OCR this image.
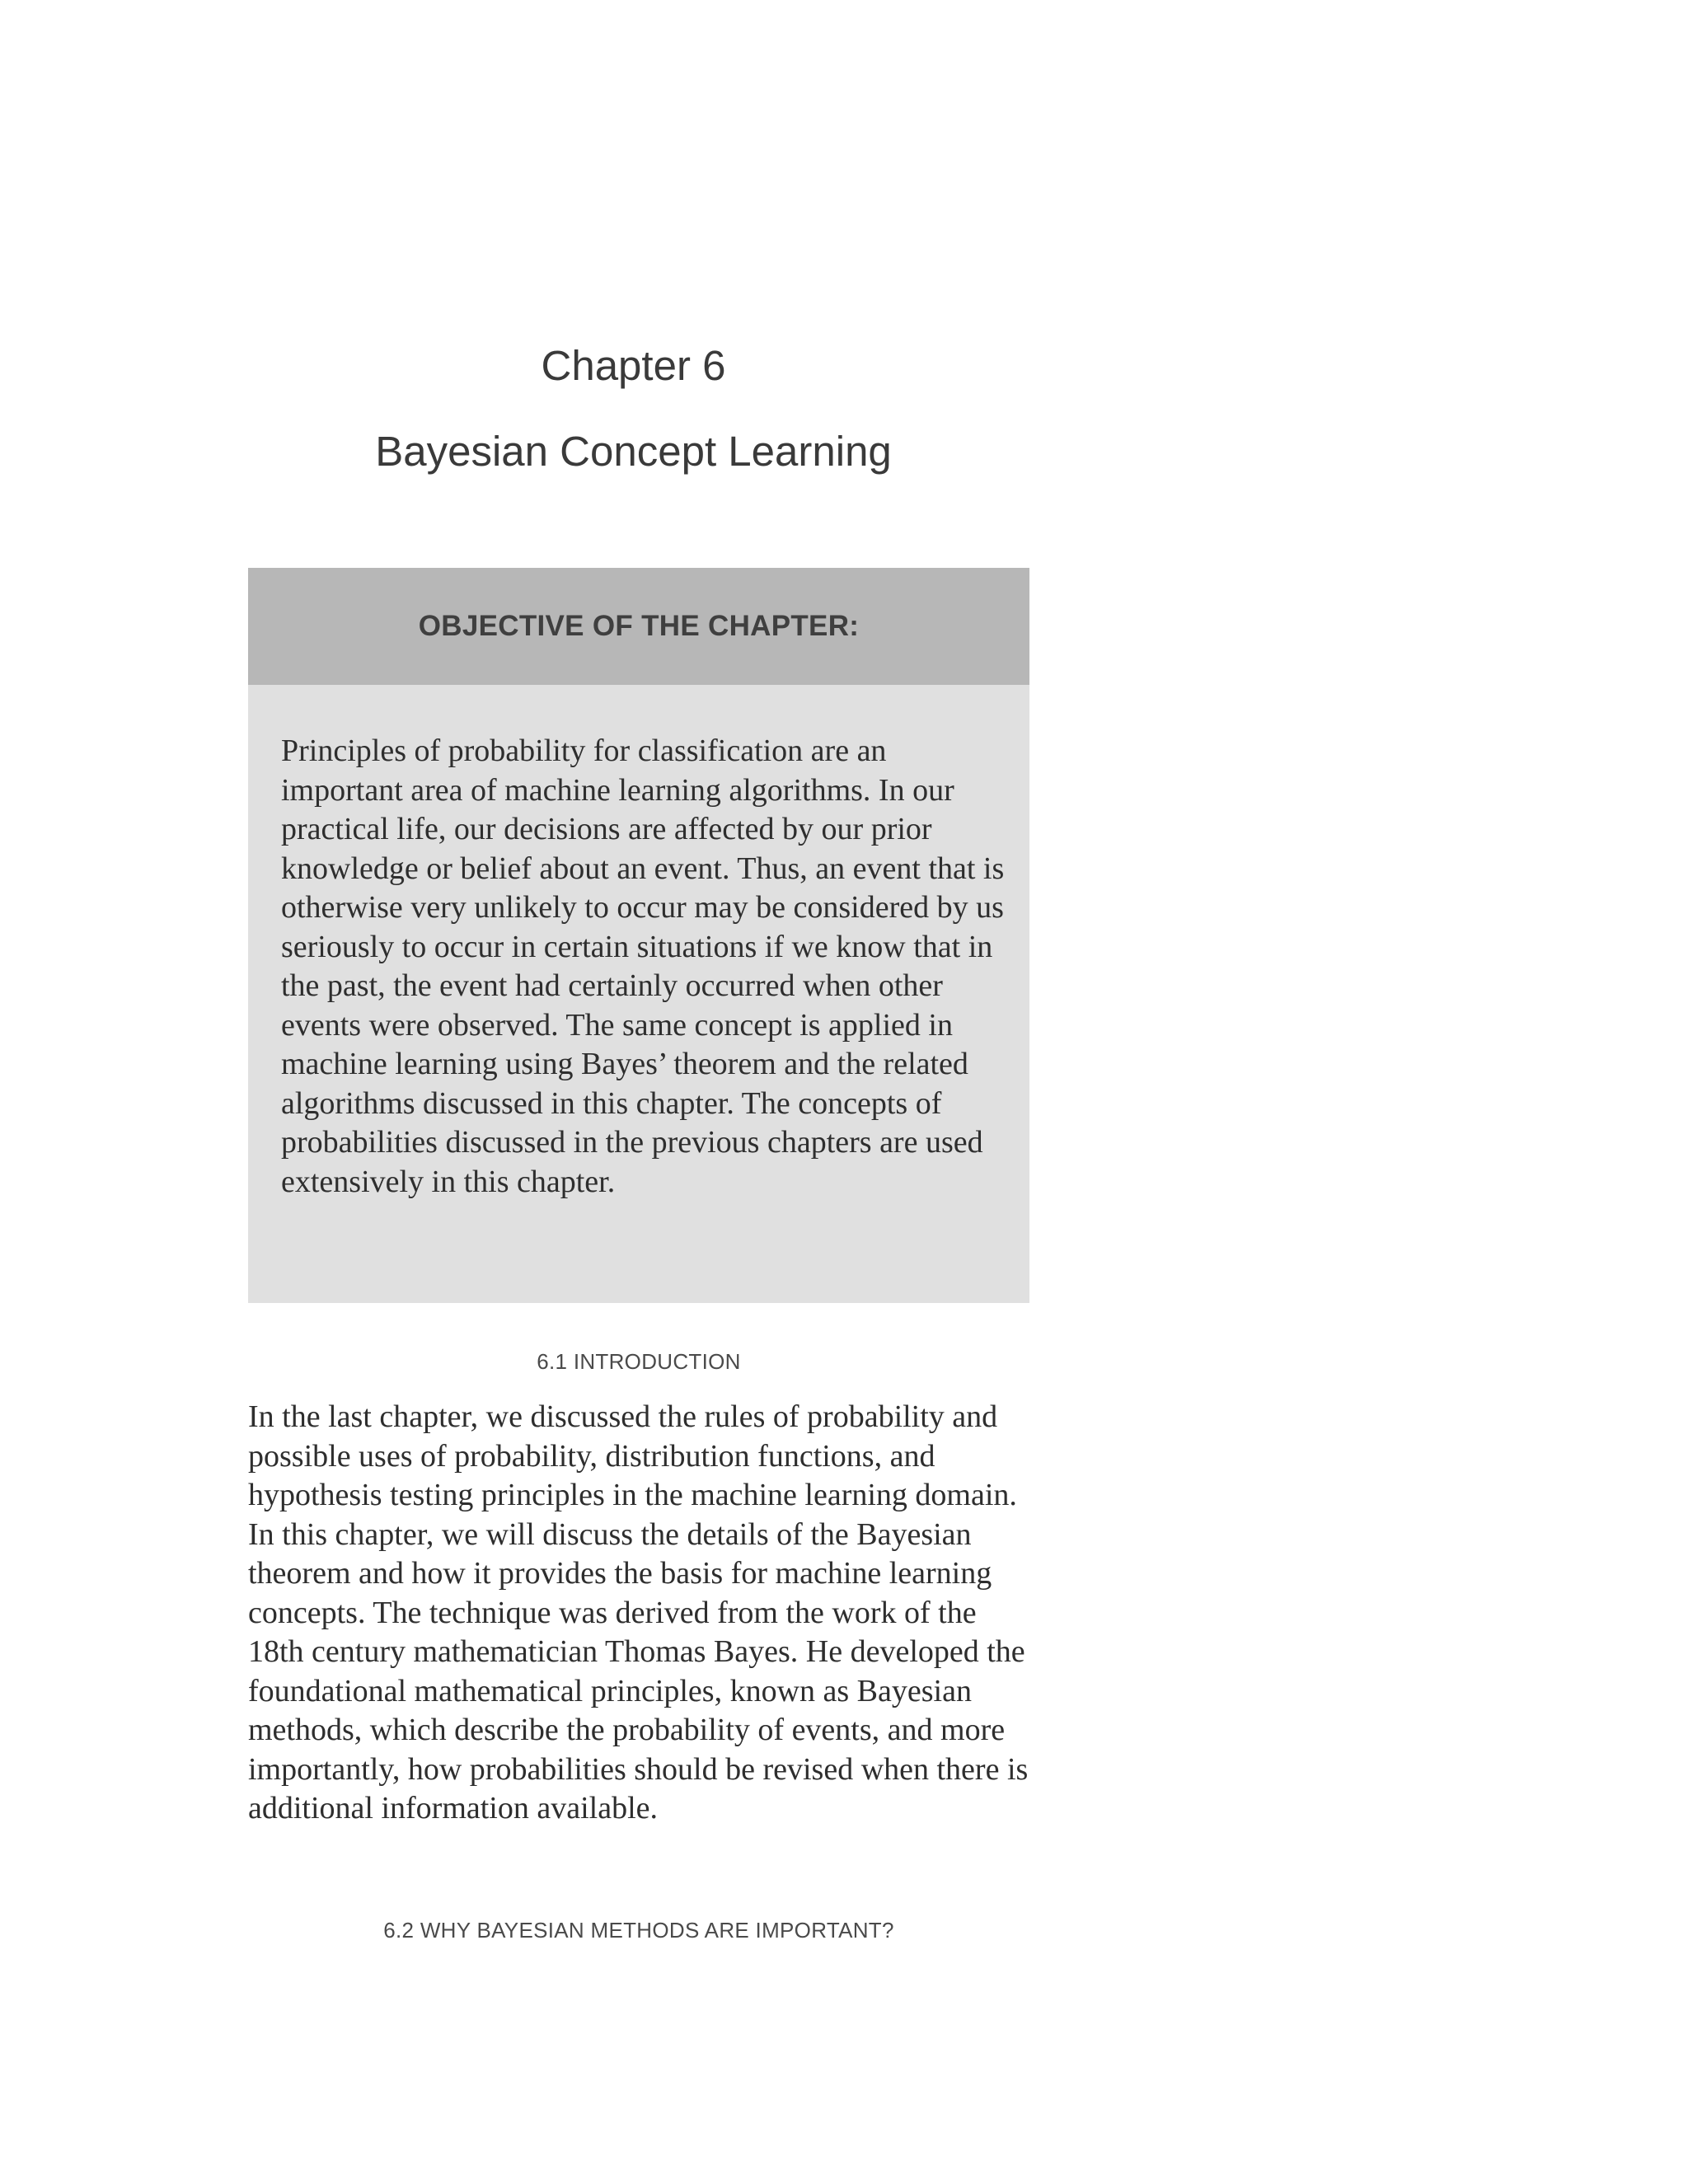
Chapter 6
Bayesian Concept Learning
OBJECTIVE OF THE CHAPTER:

Principles of probability for classification are an important area of machine learning algorithms. In our practical life, our decisions are affected by our prior knowledge or belief about an event. Thus, an event that is otherwise very unlikely to occur may be considered by us seriously to occur in certain situations if we know that in the past, the event had certainly occurred when other events were observed. The same concept is applied in machine learning using Bayes’ theorem and the related algorithms discussed in this chapter. The concepts of probabilities discussed in the previous chapters are used extensively in this chapter.

6.1 INTRODUCTION

In the last chapter, we discussed the rules of probability and possible uses of probability, distribution functions, and hypothesis testing principles in the machine learning domain. In this chapter, we will discuss the details of the Bayesian theorem and how it provides the basis for machine learning concepts. The technique was derived from the work of the 18th century mathematician Thomas Bayes. He developed the foundational mathematical principles, known as Bayesian methods, which describe the probability of events, and more importantly, how probabilities should be revised when there is additional information available.

6.2 WHY BAYESIAN METHODS ARE IMPORTANT?
